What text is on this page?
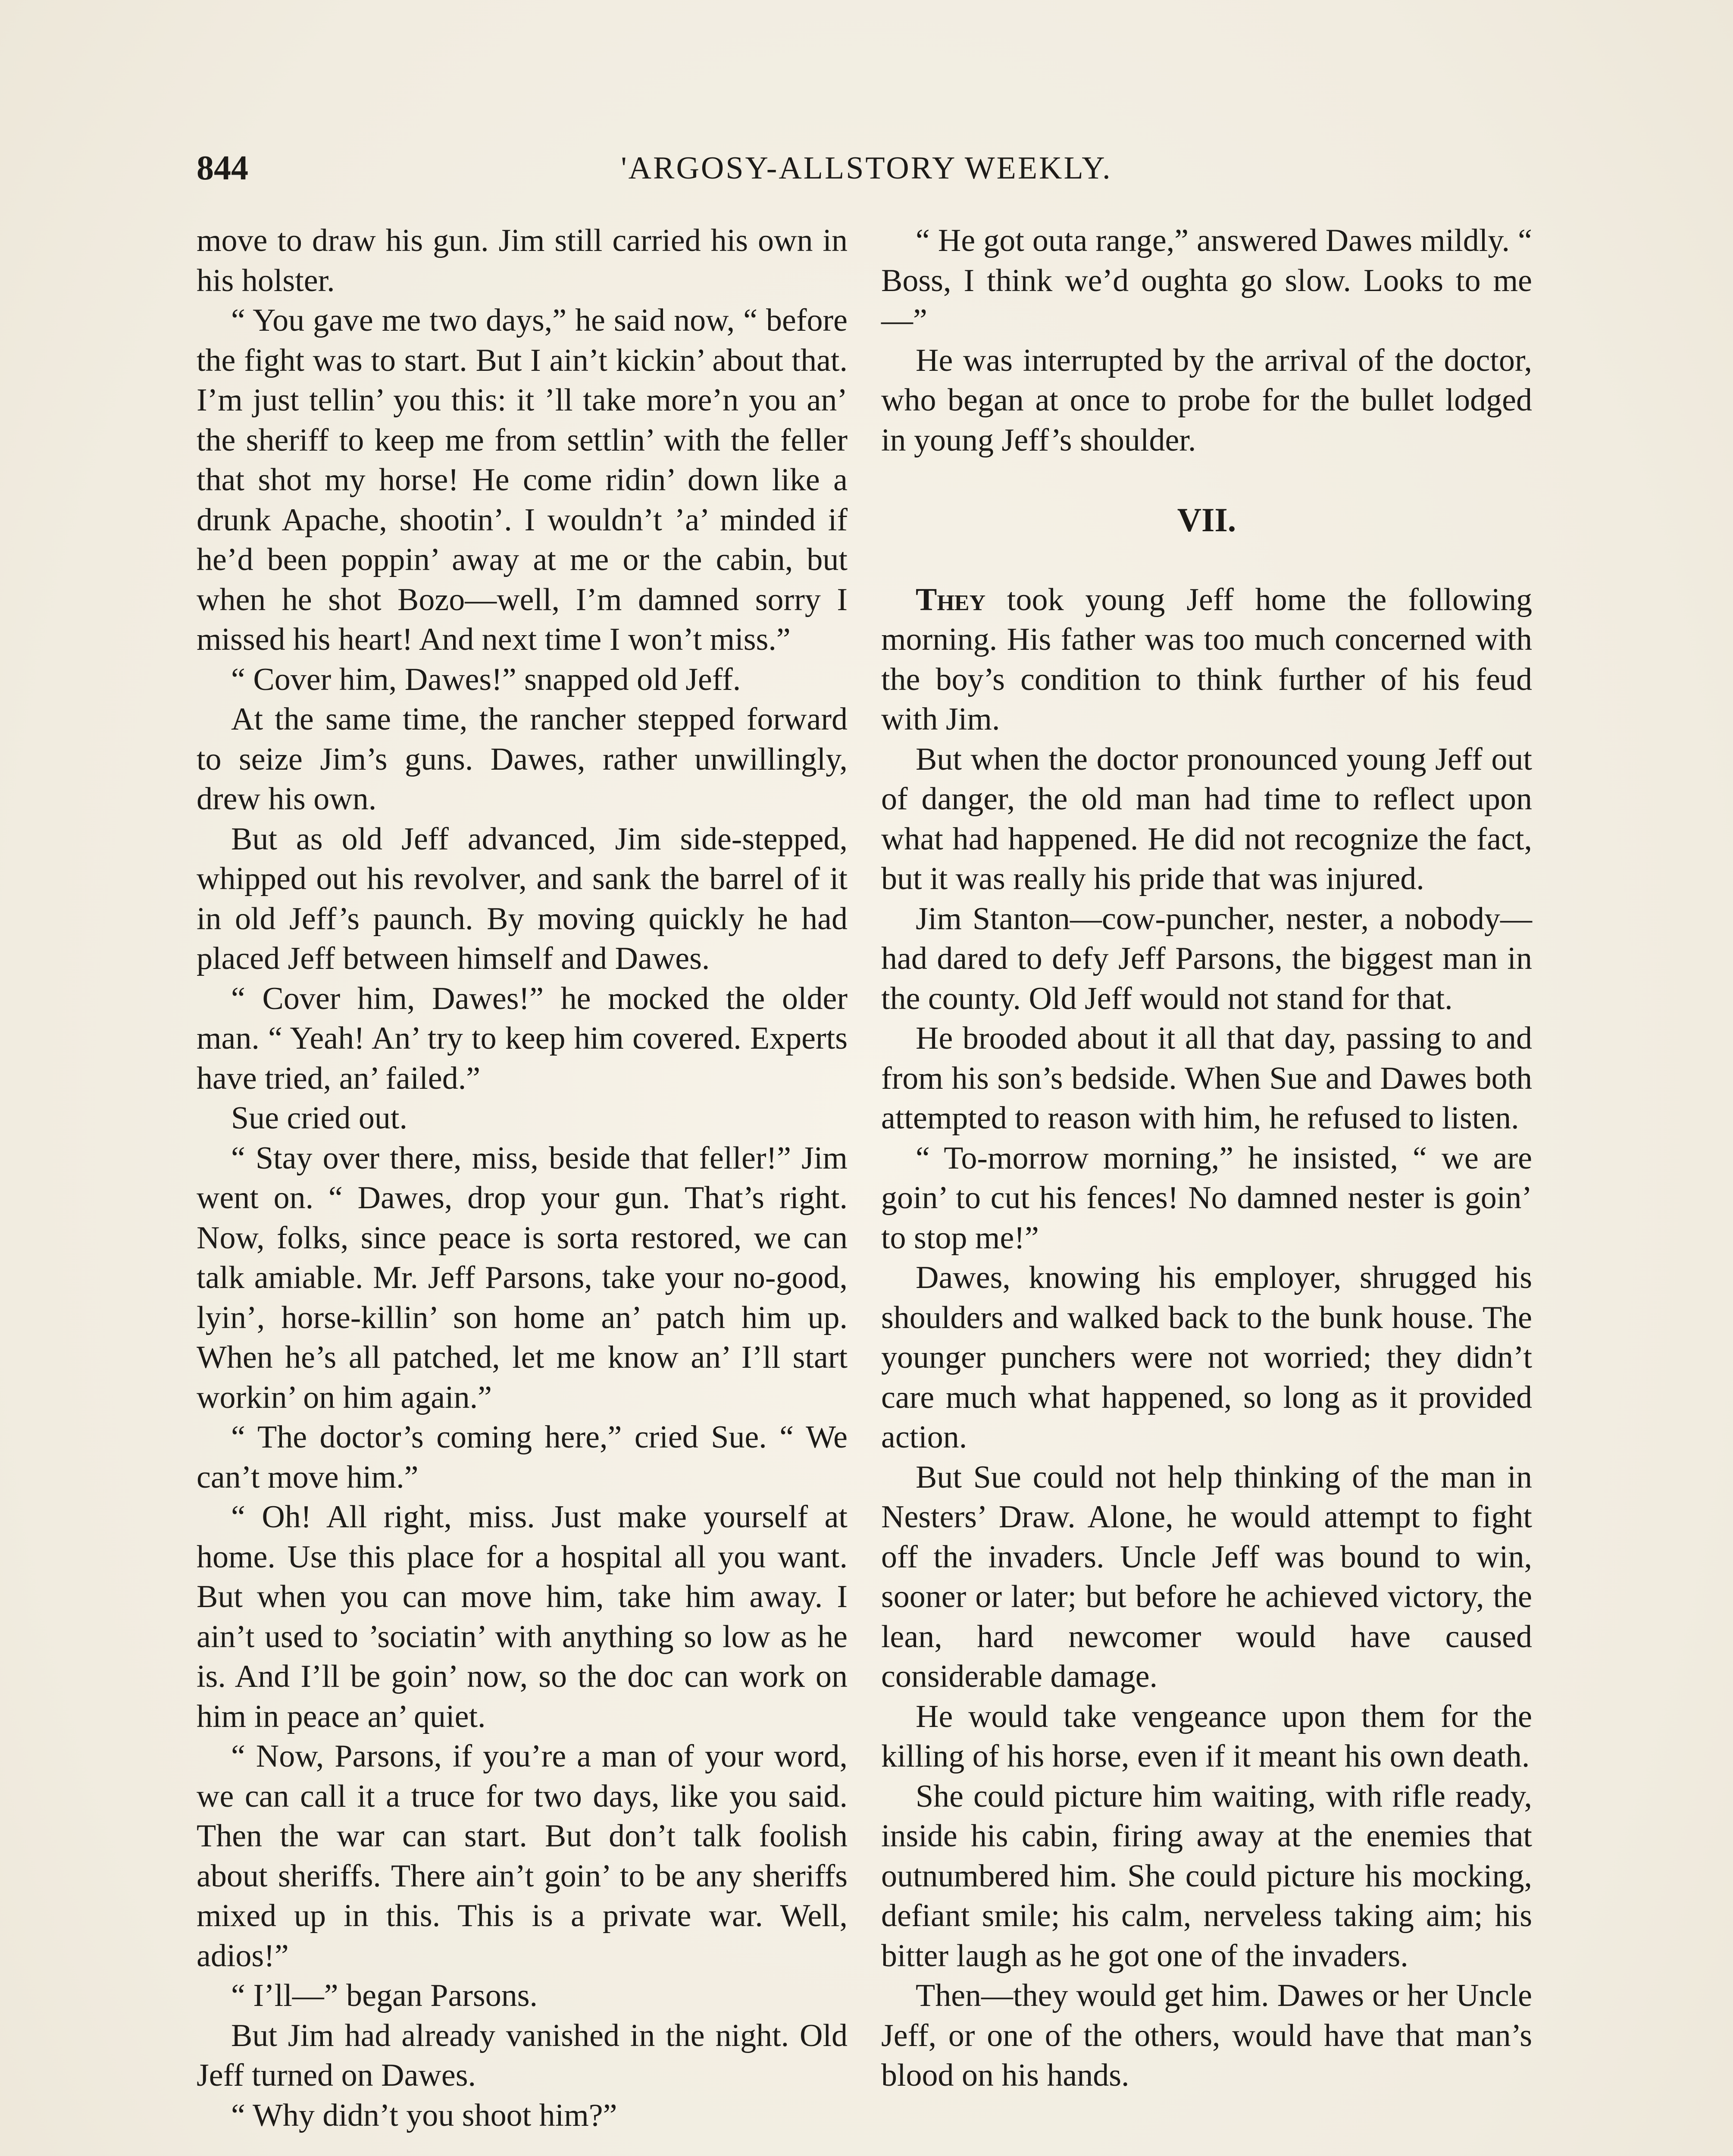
844	'ARGOSY-ALLSTORY WEEKLY.

move to draw his gun. Jim still carried his own in his holster.

“ You gave me two days,” he said now, “ before the fight was to start. But I ain’t kickin’ about that. I’m just tellin’ you this: it ’ll take more’n you an’ the sheriff to keep me from settlin’ with the feller that shot my horse! He come ridin’ down like a drunk Apache, shootin’. I wouldn’t ’a’ minded if he’d been poppin’ away at me or the cabin, but when he shot Bozo—well, I’m damned sorry I missed his heart! And next time I won’t miss.”

“ Cover him, Dawes!” snapped old Jeff.

At the same time, the rancher stepped forward to seize Jim’s guns. Dawes, rather unwillingly, drew his own.

But as old Jeff advanced, Jim side-stepped, whipped out his revolver, and sank the barrel of it in old Jeff’s paunch. By moving quickly he had placed Jeff between himself and Dawes.

“ Cover him, Dawes!” he mocked the older man. “ Yeah! An’ try to keep him covered. Experts have tried, an’ failed.”

Sue cried out.

“ Stay over there, miss, beside that feller!” Jim went on. “ Dawes, drop your gun. That’s right. Now, folks, since peace is sorta restored, we can talk amiable. Mr. Jeff Parsons, take your no-good, lyin’, horse-killin’ son home an’ patch him up. When he’s all patched, let me know an’ I’ll start workin’ on him again.”

“ The doctor’s coming here,” cried Sue. “ We can’t move him.”

“ Oh! All right, miss. Just make yourself at home. Use this place for a hospital all you want. But when you can move him, take him away. I ain’t used to ’sociatin’ with anything so low as he is. And I’ll be goin’ now, so the doc can work on him in peace an’ quiet.

“ Now, Parsons, if you’re a man of your word, we can call it a truce for two days, like you said. Then the war can start. But don’t talk foolish about sheriffs. There ain’t goin’ to be any sheriffs mixed up in this. This is a private war. Well, adios!”

“ I’ll—” began Parsons.

But Jim had already vanished in the night. Old Jeff turned on Dawes.

“ Why didn’t you shoot him?”

“ He got outa range,” answered Dawes mildly. “ Boss, I think we’d oughta go slow. Looks to me—”

He was interrupted by the arrival of the doctor, who began at once to probe for the bullet lodged in young Jeff’s shoulder.

VII.

They took young Jeff home the following morning. His father was too much concerned with the boy’s condition to think further of his feud with Jim.

But when the doctor pronounced young Jeff out of danger, the old man had time to reflect upon what had happened. He did not recognize the fact, but it was really his pride that was injured.

Jim Stanton—cow-puncher, nester, a nobody—had dared to defy Jeff Parsons, the biggest man in the county. Old Jeff would not stand for that.

He brooded about it all that day, passing to and from his son’s bedside. When Sue and Dawes both attempted to reason with him, he refused to listen.

“ To-morrow morning,” he insisted, “ we are goin’ to cut his fences! No damned nester is goin’ to stop me!”

Dawes, knowing his employer, shrugged his shoulders and walked back to the bunk house. The younger punchers were not worried; they didn’t care much what happened, so long as it provided action.

But Sue could not help thinking of the man in Nesters’ Draw. Alone, he would attempt to fight off the invaders. Uncle Jeff was bound to win, sooner or later; but before he achieved victory, the lean, hard newcomer would have caused considerable damage.

He would take vengeance upon them for the killing of his horse, even if it meant his own death.

She could picture him waiting, with rifle ready, inside his cabin, firing away at the enemies that outnumbered him. She could picture his mocking, defiant smile; his calm, nerveless taking aim; his bitter laugh as he got one of the invaders.

Then—they would get him. Dawes or her Uncle Jeff, or one of the others, would have that man’s blood on his hands.
